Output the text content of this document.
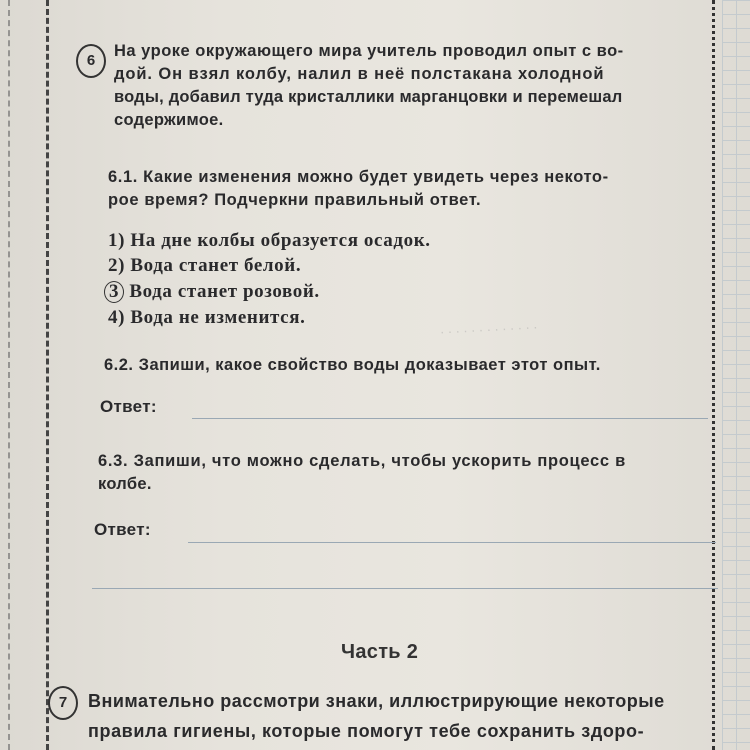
6
На уроке окружающего мира учитель проводил опыт с во-
дой. Он взял колбу, налил в неё полстакана холодной
воды, добавил туда кристаллики марганцовки и перемешал
содержимое.
6.1. Какие изменения можно будет увидеть через некото-
рое время? Подчеркни правильный ответ.
1) На дне колбы образуется осадок.
2) Вода станет белой.
3 Вода станет розовой.
4) Вода не изменится.	. . . . . . . . . . . . .
6.2. Запиши, какое свойство воды доказывает этот опыт.
Ответ:
6.3. Запиши, что можно сделать, чтобы ускорить процесс в
колбе.
Ответ:
Часть 2
7	Внимательно рассмотри знаки, иллюстрирующие некоторые
правила гигиены, которые помогут тебе сохранить здоро-
